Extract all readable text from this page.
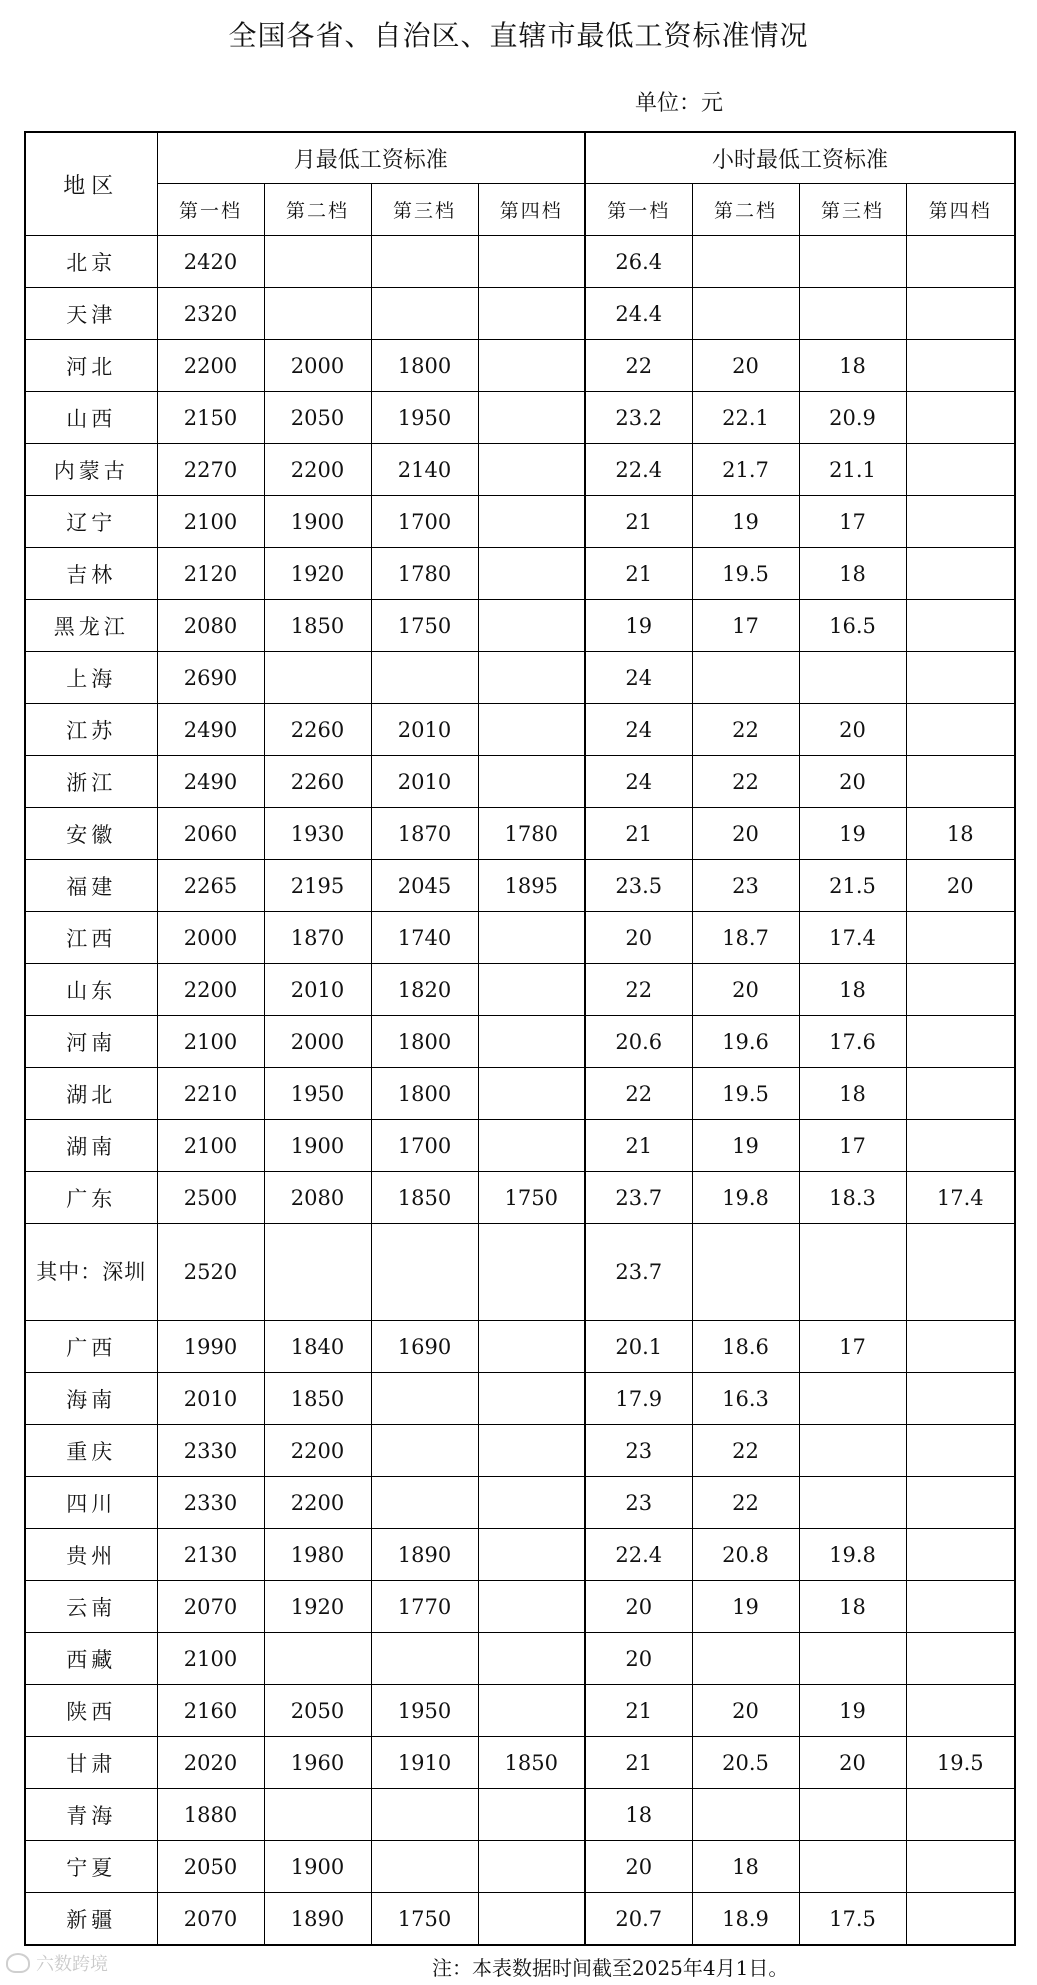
全国各省、自治区、直辖市最低工资标准情况
单位：元
地区	月最低工资标准				小时最低工资标准			
	第一档	第二档	第三档	第四档	第一档	第二档	第三档	第四档
北京	2420				26.4			
天津	2320				24.4			
河北	2200	2000	1800		22	20	18	
山西	2150	2050	1950		23.2	22.1	20.9	
内蒙古	2270	2200	2140		22.4	21.7	21.1	
辽宁	2100	1900	1700		21	19	17	
吉林	2120	1920	1780		21	19.5	18	
黑龙江	2080	1850	1750		19	17	16.5	
上海	2690				24			
江苏	2490	2260	2010		24	22	20	
浙江	2490	2260	2010		24	22	20	
安徽	2060	1930	1870	1780	21	20	19	18
福建	2265	2195	2045	1895	23.5	23	21.5	20
江西	2000	1870	1740		20	18.7	17.4	
山东	2200	2010	1820		22	20	18	
河南	2100	2000	1800		20.6	19.6	17.6	
湖北	2210	1950	1800		22	19.5	18	
湖南	2100	1900	1700		21	19	17	
广东	2500	2080	1850	1750	23.7	19.8	18.3	17.4
其中：深圳	2520				23.7			
广西	1990	1840	1690		20.1	18.6	17	
海南	2010	1850			17.9	16.3		
重庆	2330	2200			23	22		
四川	2330	2200			23	22		
贵州	2130	1980	1890		22.4	20.8	19.8	
云南	2070	1920	1770		20	19	18	
西藏	2100				20			
陕西	2160	2050	1950		21	20	19	
甘肃	2020	1960	1910	1850	21	20.5	20	19.5
青海	1880				18			
宁夏	2050	1900			20	18		
新疆	2070	1890	1750		20.7	18.9	17.5	
注：本表数据时间截至2025年4月1日。
六数跨境
